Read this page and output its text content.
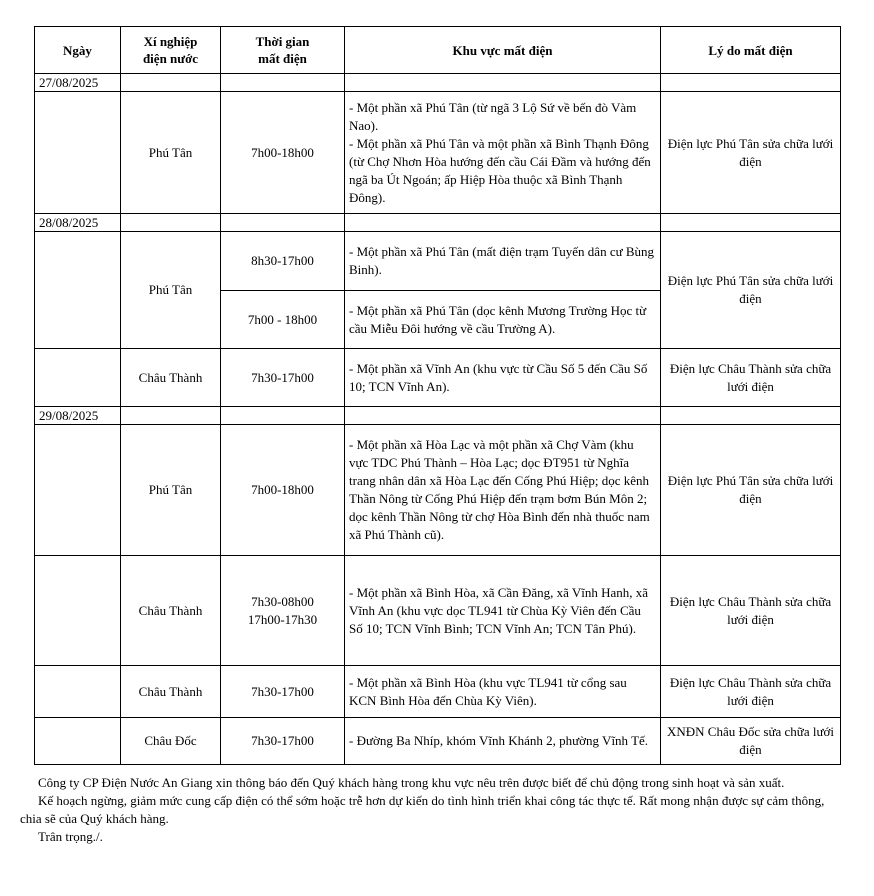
Ngày	Xí nghiệp điện nước	Thời gian mất điện	Khu vực mất điện	Lý do mất điện
27/08/2025				
	Phú Tân	7h00-18h00	- Một phần xã Phú Tân (từ ngã 3 Lộ Sứ về bến đò Vàm Nao).
- Một phần xã Phú Tân và một phần xã Bình Thạnh Đông (từ Chợ Nhơn Hòa hướng đến cầu Cái Đầm và hướng đến ngã ba Út Ngoán; ấp Hiệp Hòa thuộc xã Bình Thạnh Đông).	Điện lực Phú Tân sửa chữa lưới điện
28/08/2025				
	Phú Tân	8h30-17h00	- Một phần xã Phú Tân (mất điện trạm Tuyến dân cư Bùng Binh).	Điện lực Phú Tân sửa chữa lưới điện
		7h00 - 18h00	- Một phần xã Phú Tân (dọc kênh Mương Trường Học từ cầu Miễu Đôi hướng về cầu Trường A).	

	Châu Thành	7h30-17h00	- Một phần xã Vĩnh An (khu vực từ Cầu Số 5 đến Cầu Số 10; TCN Vĩnh An).	Điện lực Châu Thành sửa chữa lưới điện
29/08/2025				
	Phú Tân	7h00-18h00	- Một phần xã Hòa Lạc và một phần xã Chợ Vàm (khu vực TDC Phú Thành – Hòa Lạc; dọc ĐT951 từ Nghĩa trang nhân dân xã Hòa Lạc đến Cống Phú Hiệp; dọc kênh Thần Nông từ Cống Phú Hiệp đến trạm bơm Bún Môn 2; dọc kênh Thần Nông từ chợ Hòa Bình đến nhà thuốc nam xã Phú Thành cũ).	Điện lực Phú Tân sửa chữa lưới điện
	Châu Thành	7h30-08h00
17h00-17h30	- Một phần xã Bình Hòa, xã Cần Đăng, xã Vĩnh Hanh, xã Vĩnh An (khu vực dọc TL941 từ Chùa Kỳ Viên đến Cầu Số 10; TCN Vĩnh Bình; TCN Vĩnh An; TCN Tân Phú).	Điện lực Châu Thành sửa chữa lưới điện
	Châu Thành	7h30-17h00	- Một phần xã Bình Hòa (khu vực TL941 từ cổng sau KCN Bình Hòa đến Chùa Kỳ Viên).	Điện lực Châu Thành sửa chữa lưới điện
	Châu Đốc	7h30-17h00	- Đường Ba Nhíp, khóm Vĩnh Khánh 2, phường Vĩnh Tế.	XNĐN Châu Đốc sửa chữa lưới điện

Công ty CP Điện Nước An Giang xin thông báo đến Quý khách hàng trong khu vực nêu trên được biết để chủ động trong sinh hoạt và sản xuất.

Kế hoạch ngừng, giảm mức cung cấp điện có thể sớm hoặc trễ hơn dự kiến do tình hình triển khai công tác thực tế. Rất mong nhận được sự cảm thông, chia sẽ của Quý khách hàng.

Trân trọng./.
